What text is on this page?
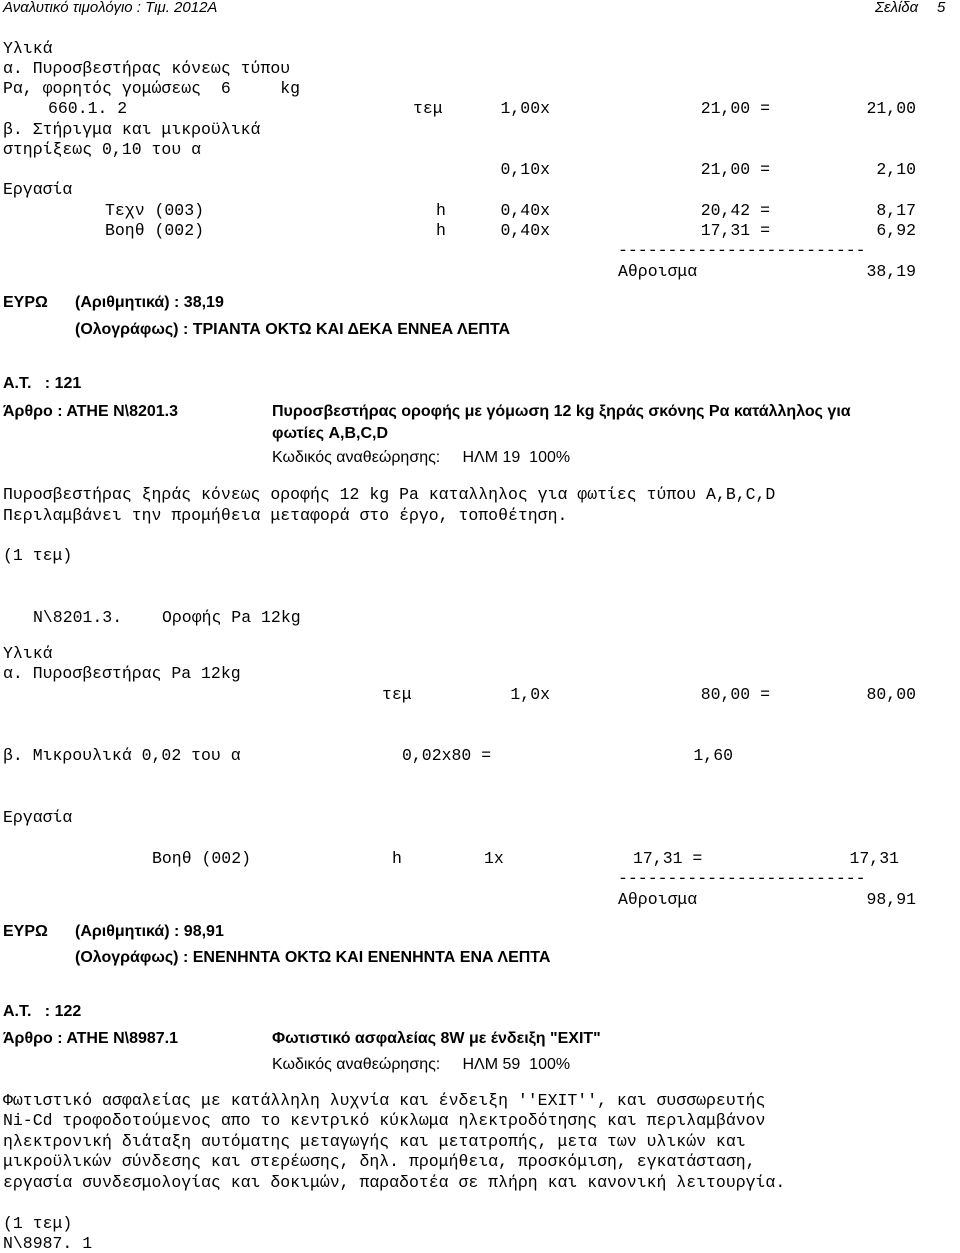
Αναλυτικό τιμολόγιο : Τιμ. 2012Α	Σελίδα 5
Υλικά
α. Πυροσβεστήρας κόνεως τύπου
Ρα, φορητός γομώσεως  6     kg
660.1. 2	τεμ	1,00x	21,00 =	21,00
β. Στήριγμα και μικροϋλικά
στηρίξεως 0,10 του α
0,10x	21,00 =	2,10
Εργασία
Τεχν (003)	h	0,40x	20,42 =	8,17
Βοηθ (002)	h	0,40x	17,31 =	6,92
-------------------------
Αθροισμα	38,19
ΕΥΡΩ (Αριθμητικά) : 38,19
(Ολογράφως) : ΤΡΙΑΝΤΑ ΟΚΤΩ ΚΑΙ ΔΕΚΑ ΕΝΝΕΑ ΛΕΠΤΑ
Α.Τ.   : 121
Άρθρο : ΑΤΗΕ Ν\8201.3	Πυροσβεστήρας οροφής με γόμωση 12 kg ξηράς σκόνης Ρα κατάλληλος για
φωτίες A,B,C,D
Κωδικός αναθεώρησης:     ΗΛΜ 19  100%
Πυροσβεστήρας ξηράς κόνεως οροφής 12 kg Pa καταλληλος για φωτίες τύπου A,B,C,D
Περιλαμβάνει την προμήθεια μεταφορά στο έργο, τοποθέτηση.
(1 τεμ)
Ν\8201.3. Οροφής Pa 12kg
Υλικά
α. Πυροσβεστήρας Pa 12kg
τεμ	1,0x	80,00 =	80,00
β. Μικρουλικά 0,02 του α	0,02x80 =	1,60
Εργασία
Βοηθ (002)	h	1x	17,31 =	17,31
-------------------------
Αθροισμα	98,91
ΕΥΡΩ (Αριθμητικά) : 98,91
(Ολογράφως) : ΕΝΕΝΗΝΤΑ ΟΚΤΩ ΚΑΙ ΕΝΕΝΗΝΤΑ ΕΝΑ ΛΕΠΤΑ
Α.Τ.   : 122
Άρθρο : ΑΤΗΕ Ν\8987.1	Φωτιστικό ασφαλείας 8W με ένδειξη "EXIT"
Κωδικός αναθεώρησης:     ΗΛΜ 59  100%
Φωτιστικό ασφαλείας με κατάλληλη λυχνία και ένδειξη ''EXIT'', και συσσωρευτής
Ni-Cd τροφοδοτούμενος απο το κεντρικό κύκλωμα ηλεκτροδότησης και περιλαμβάνον
ηλεκτρονική διάταξη αυτόματης μεταγωγής και μετατροπής, μετα των υλικών και
μικροϋλικών σύνδεσης και στερέωσης, δηλ. προμήθεια, προσκόμιση, εγκατάσταση,
εργασία συνδεσμολογίας και δοκιμών, παραδοτέα σε πλήρη και κανονική λειτουργία.
(1 τεμ)
Ν\8987. 1
